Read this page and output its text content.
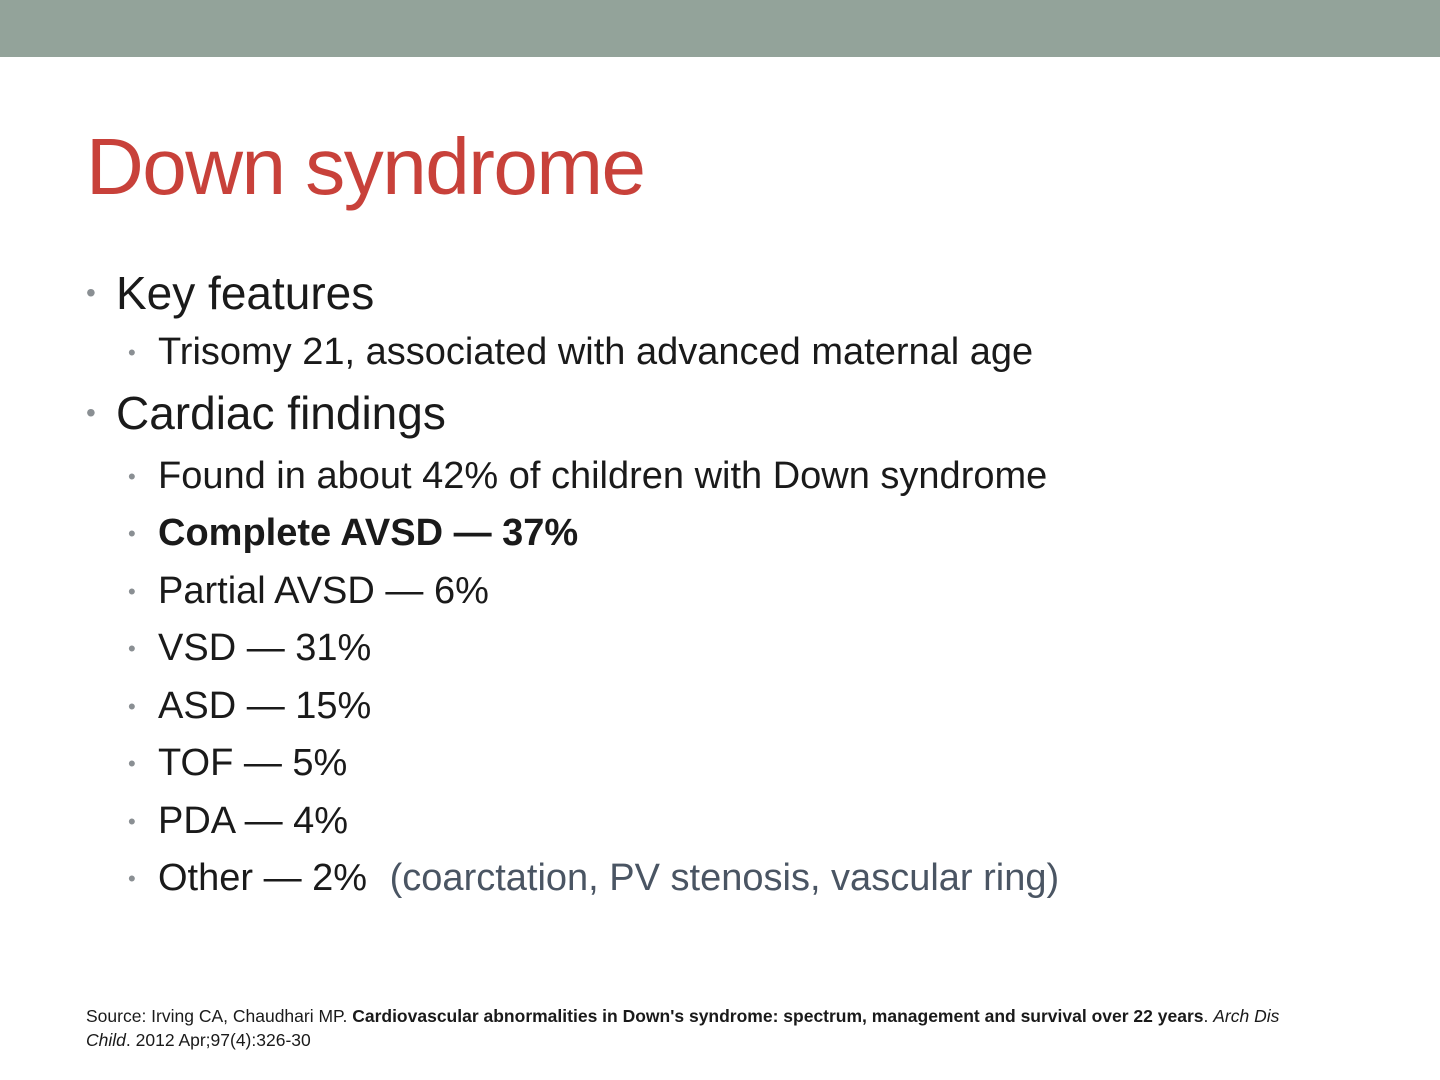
Down syndrome
• Key features
• Trisomy 21, associated with advanced maternal age
• Cardiac findings
• Found in about 42% of children with Down syndrome
• Complete AVSD — 37%
• Partial AVSD — 6%
• VSD — 31%
• ASD — 15%
• TOF — 5%
• PDA — 4%
• Other — 2% (coarctation, PV stenosis, vascular ring)
Source: Irving CA, Chaudhari MP. Cardiovascular abnormalities in Down's syndrome: spectrum, management and survival over 22 years. Arch Dis Child. 2012 Apr;97(4):326-30
